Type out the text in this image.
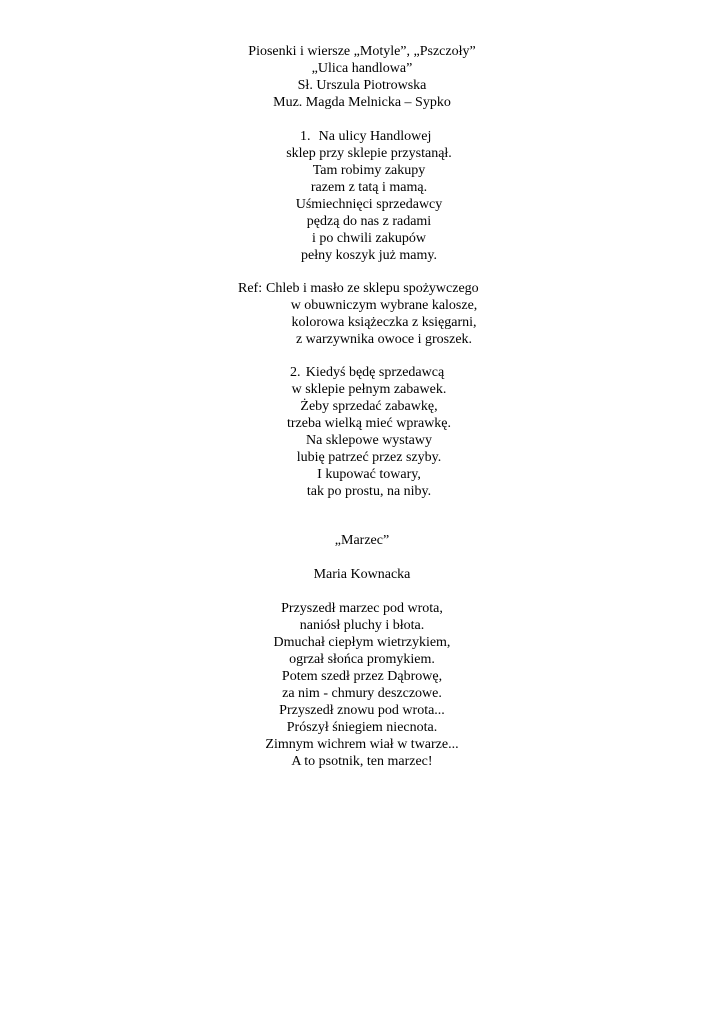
Piosenki i wiersze „Motyle”, „Pszczoły”
„Ulica handlowa”
Sł. Urszula Piotrowska
Muz. Magda Melnicka – Sypko
1. Na ulicy Handlowej
sklep przy sklepie przystanął.
Tam robimy zakupy
razem z tatą i mamą.
Uśmiechnięci sprzedawcy
pędzą do nas z radami
i po chwili zakupów
pełny koszyk już mamy.
Ref: Chleb i masło ze sklepu spożywczego
w obuwniczym wybrane kalosze,
kolorowa książeczka z księgarni,
z warzywnika owoce i groszek.
2. Kiedyś będę sprzedawcą
w sklepie pełnym zabawek.
Żeby sprzedać zabawkę,
trzeba wielką mieć wprawkę.
Na sklepowe wystawy
lubię patrzeć przez szyby.
I kupować towary,
tak po prostu, na niby.
„Marzec”
Maria Kownacka
Przyszedł marzec pod wrota,
naniósł pluchy i błota.
Dmuchał ciepłym wietrzykiem,
ogrzał słońca promykiem.
Potem szedł przez Dąbrowę,
za nim - chmury deszczowe.
Przyszedł znowu pod wrota...
Prószył śniegiem niecnota.
Zimnym wichrem wiał w twarze...
A to psotnik, ten marzec!
